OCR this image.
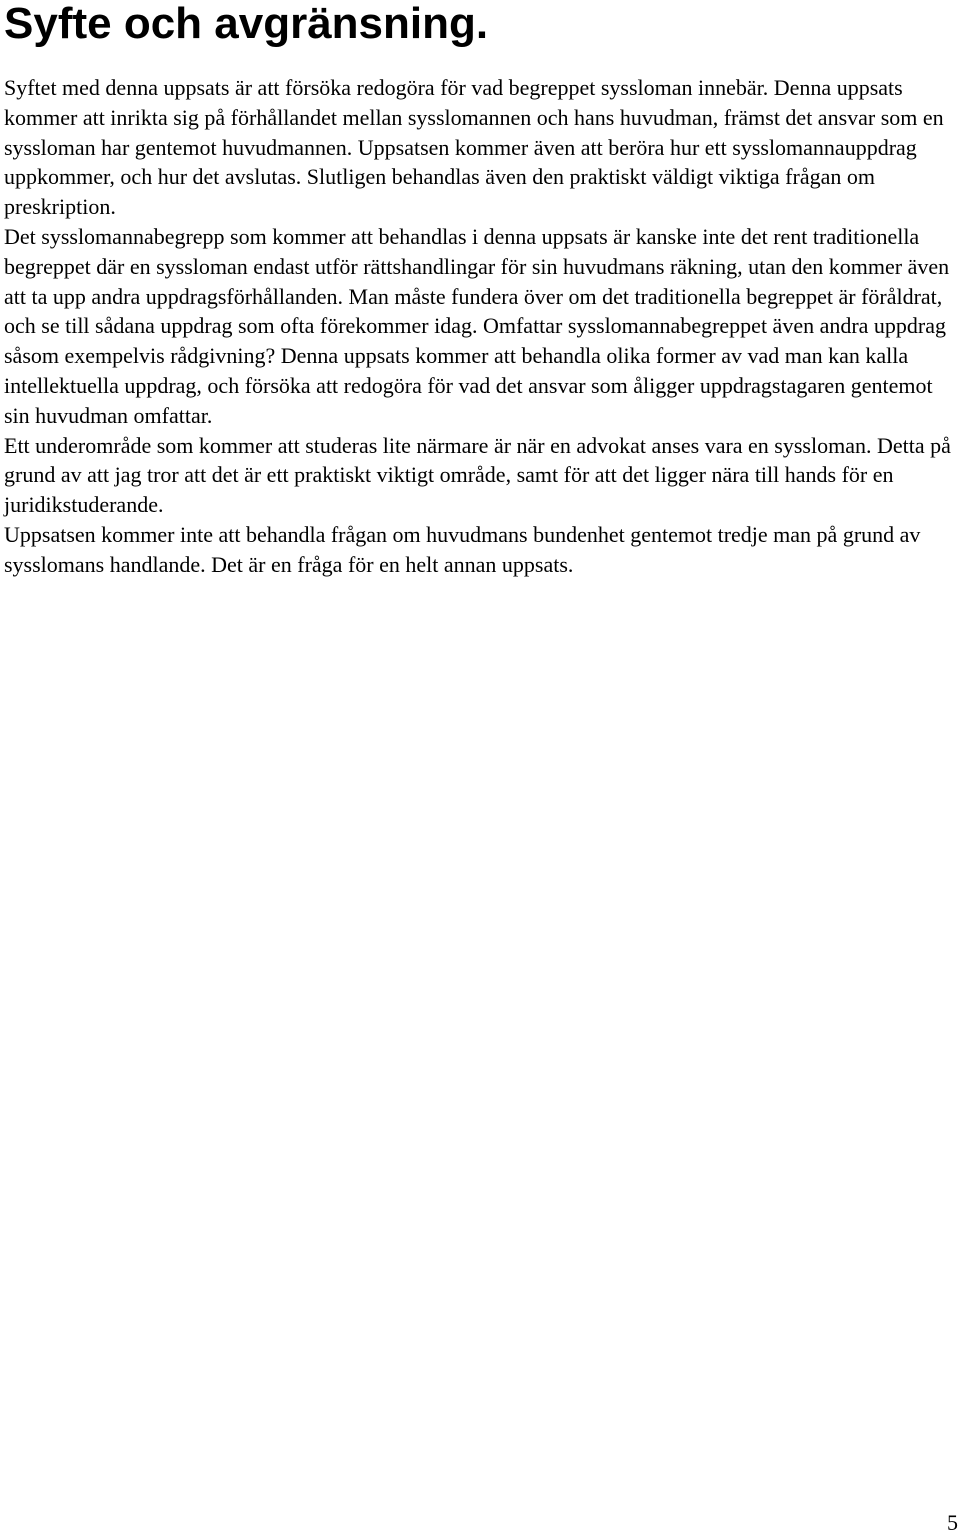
Syfte och avgränsning.

Syftet med denna uppsats är att försöka redogöra för vad begreppet syssloman innebär. Denna uppsats kommer att inrikta sig på förhållandet mellan sysslomannen och hans huvudman, främst det ansvar som en syssloman har gentemot huvudmannen. Uppsatsen kommer även att beröra hur ett sysslomannauppdrag uppkommer, och hur det avslutas. Slutligen behandlas även den praktiskt väldigt viktiga frågan om preskription.

Det sysslomannabegrepp som kommer att behandlas i denna uppsats är kanske inte det rent traditionella begreppet där en syssloman endast utför rättshandlingar för sin huvudmans räkning, utan den kommer även att ta upp andra uppdragsförhållanden. Man måste fundera över om det traditionella begreppet är föråldrat, och se till sådana uppdrag som ofta förekommer idag. Omfattar sysslomannabegreppet även andra uppdrag såsom exempelvis rådgivning? Denna uppsats kommer att behandla olika former av vad man kan kalla intellektuella uppdrag, och försöka att redogöra för vad det ansvar som åligger uppdragstagaren gentemot sin huvudman omfattar.

Ett underområde som kommer att studeras lite närmare är när en advokat anses vara en syssloman. Detta på grund av att jag tror att det är ett praktiskt viktigt område, samt för att det ligger nära till hands för en juridikstuderande.

Uppsatsen kommer inte att behandla frågan om huvudmans bundenhet gentemot tredje man på grund av sysslomans handlande. Det är en fråga för en helt annan uppsats.

5
